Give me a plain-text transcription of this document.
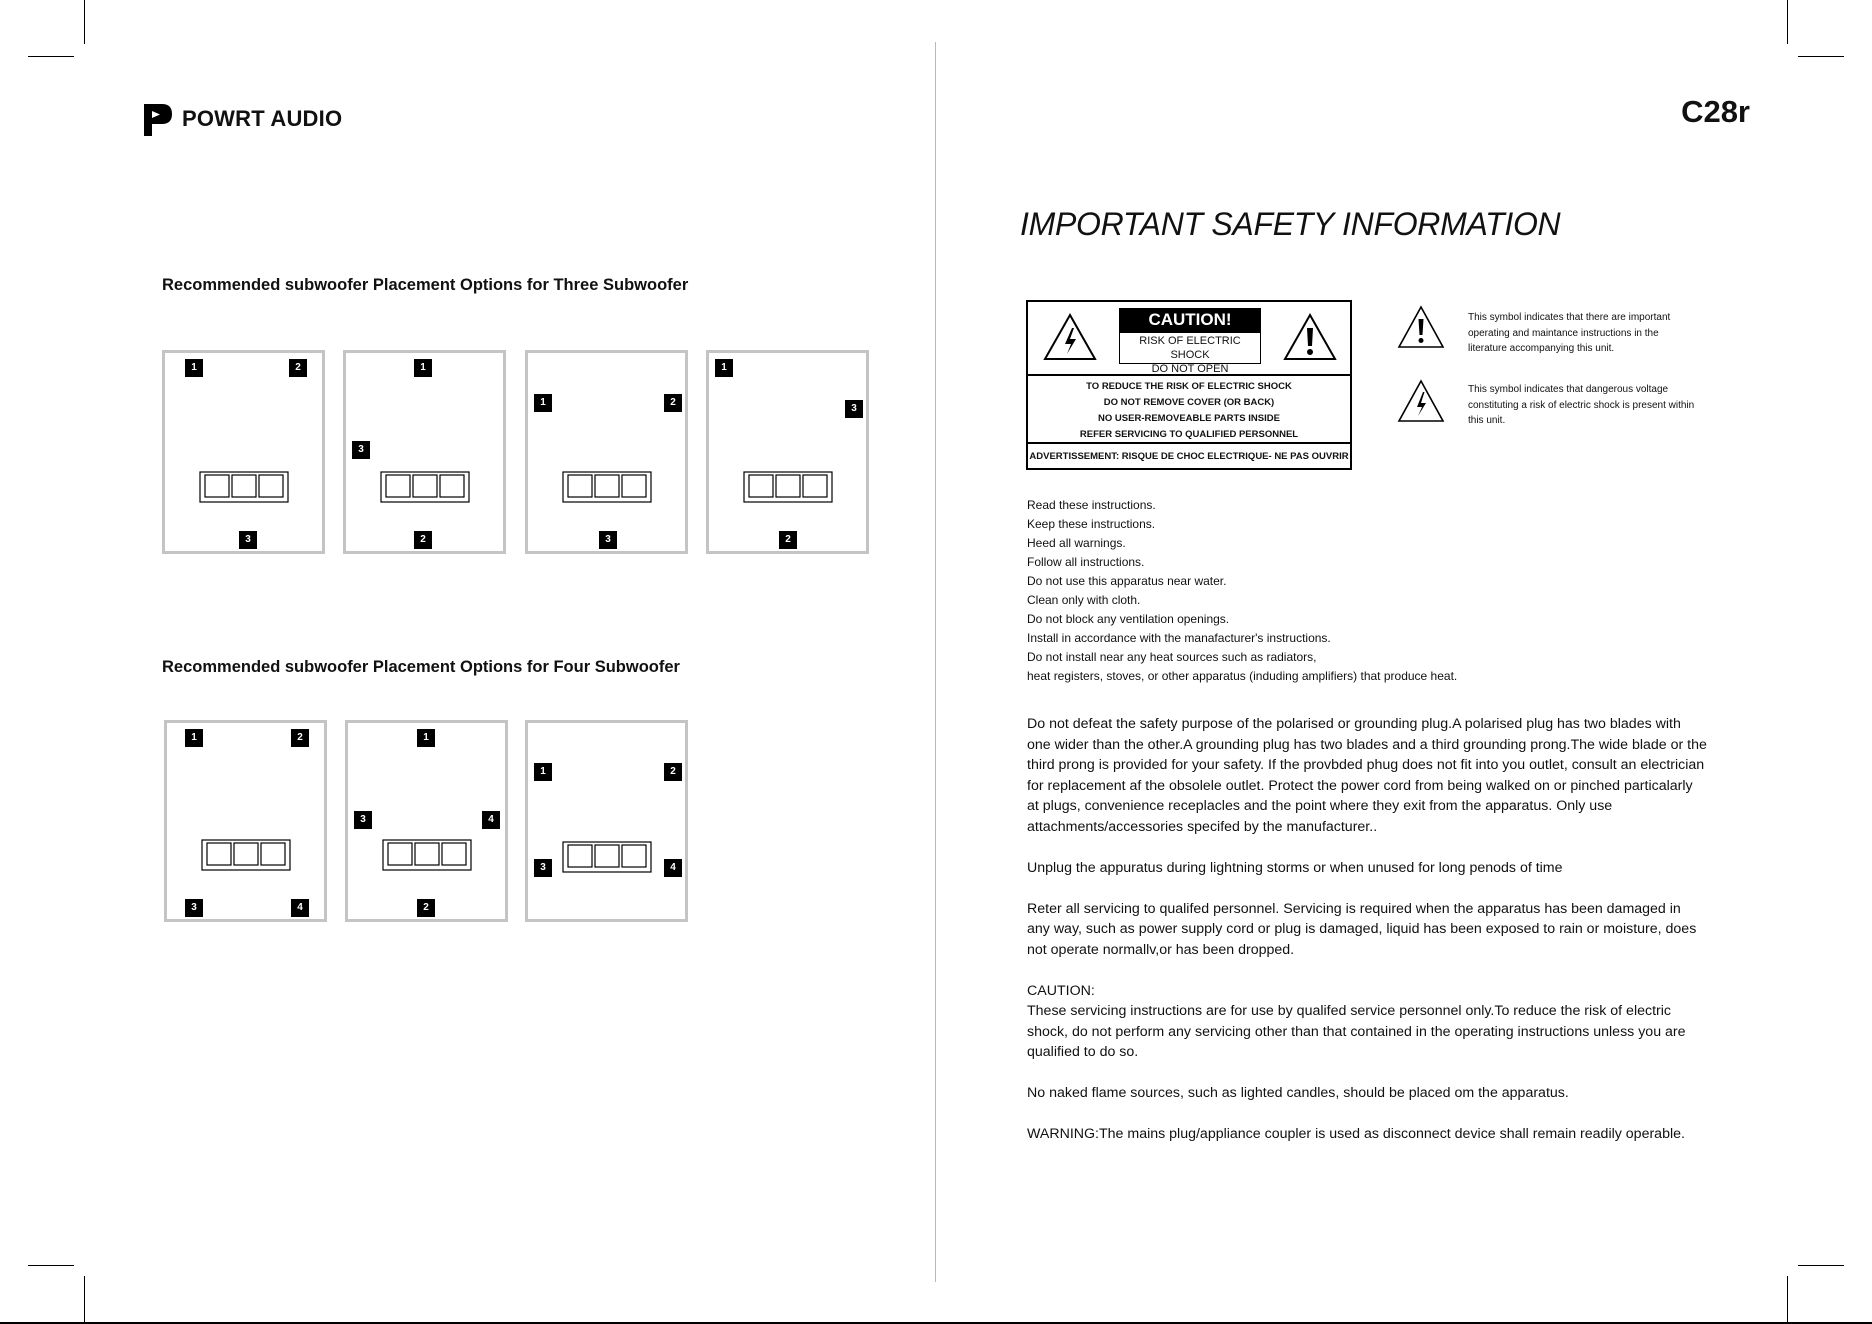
POWRT AUDIO
Recommended subwoofer Placement Options for Three Subwoofer
1	2
3
1
3
2
1	2
3
1
3
2
Recommended subwoofer Placement Options for Four Subwoofer
1	2
3	4
1
3	4
2
1	2
3	4
C28r
IMPORTANT SAFETY INFORMATION
CAUTION!
RISK OF ELECTRIC SHOCK
DO NOT OPEN
TO REDUCE THE RISK OF ELECTRIC SHOCK
DO NOT REMOVE COVER (OR BACK)
NO USER-REMOVEABLE PARTS INSIDE
REFER SERVICING TO QUALIFIED PERSONNEL
ADVERTISSEMENT: RISQUE DE CHOC ELECTRIQUE- NE PAS OUVRIR
This symbol indicates that there are important operating and maintance instructions in the literature accompanying this unit.
This symbol indicates that dangerous voltage constituting a risk of electric shock is present within this unit.
Read these instructions.
Keep these instructions.
Heed all warnings.
Follow all instructions.
Do not use this apparatus near water.
Clean only with cloth.
Do not block any ventilation openings.
Install in accordance with the manafacturer's instructions.
Do not install near any heat sources such as radiators,
heat registers, stoves, or other apparatus (induding amplifiers) that produce heat.

Do not defeat the safety purpose of the polarised or grounding plug.A polarised plug has two blades with one wider than the other.A grounding plug has two blades and a third grounding prong.The wide blade or the third prong is provided for your safety. If the provbded phug does not fit into you outlet, consult an electrician for replacement af the obsolele outlet. Protect the power cord from being walked on or pinched particalarly at plugs, convenience receplacles and the point where they exit from the apparatus. Only use attachments/accessories specifed by the manufacturer..

Unplug the appuratus during lightning storms or when unused for long penods of time

Reter all servicing to qualifed personnel. Servicing is required when the apparatus has been damaged in any way, such as power supply cord or plug is damaged, liquid has been exposed to rain or moisture, does not operate normallv,or has been dropped.

CAUTION:
These servicing instructions are for use by qualifed service personnel only.To reduce the risk of electric shock, do not perform any servicing other than that contained in the operating instructions unless you are qualified to do so.

No naked flame sources, such as lighted candles, should be placed om the apparatus.

WARNING:The mains plug/appliance coupler is used as disconnect device shall remain readily operable.
